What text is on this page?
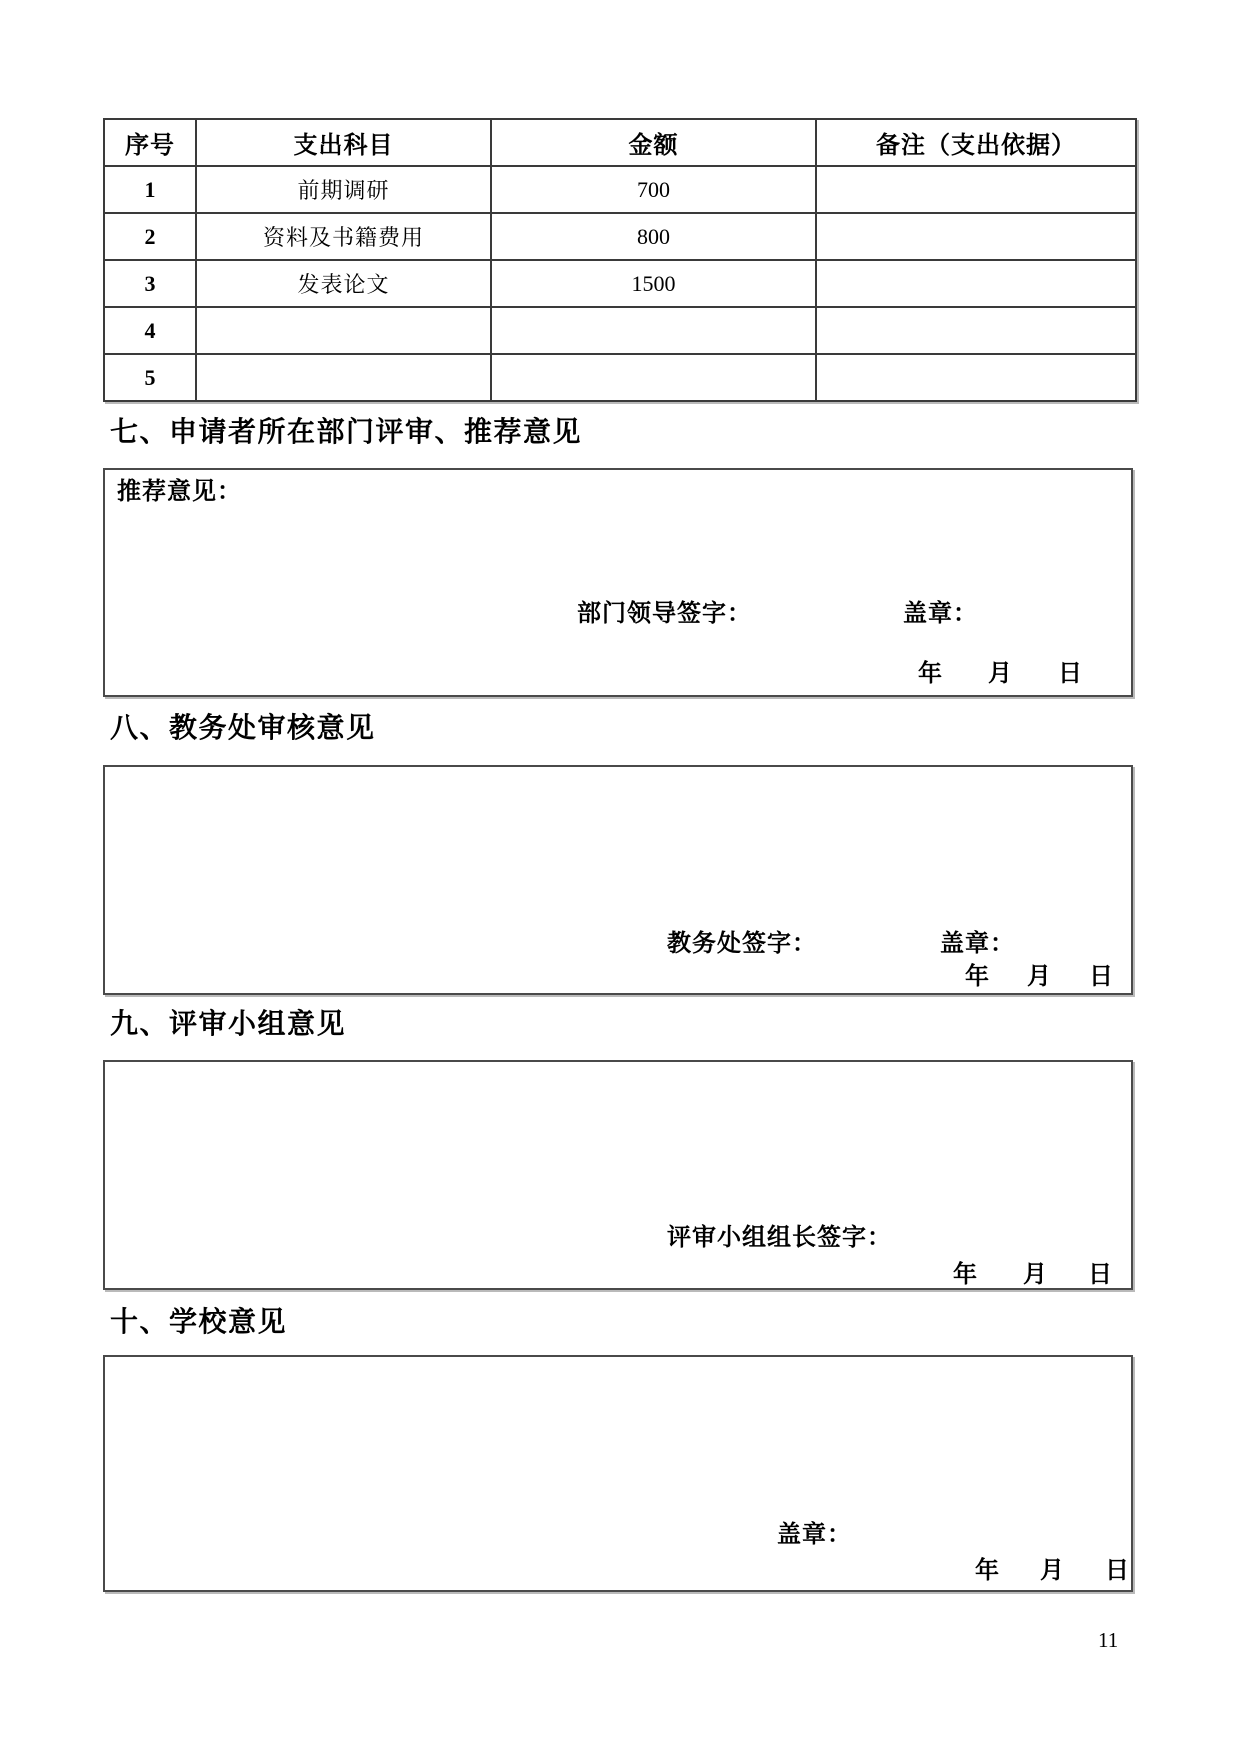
序号	支出科目	金额	备注（支出依据）
1	前期调研	700	
2	资料及书籍费用	800	
3	发表论文	1500	
4			
5			
七、申请者所在部门评审、推荐意见
推荐意见：
部门领导签字：	盖章：
年 月 日
八、教务处审核意见
教务处签字：	盖章：
年 月 日
九、评审小组意见
评审小组组长签字：
年 月 日
十、学校意见
盖章：
年 月 日
11
